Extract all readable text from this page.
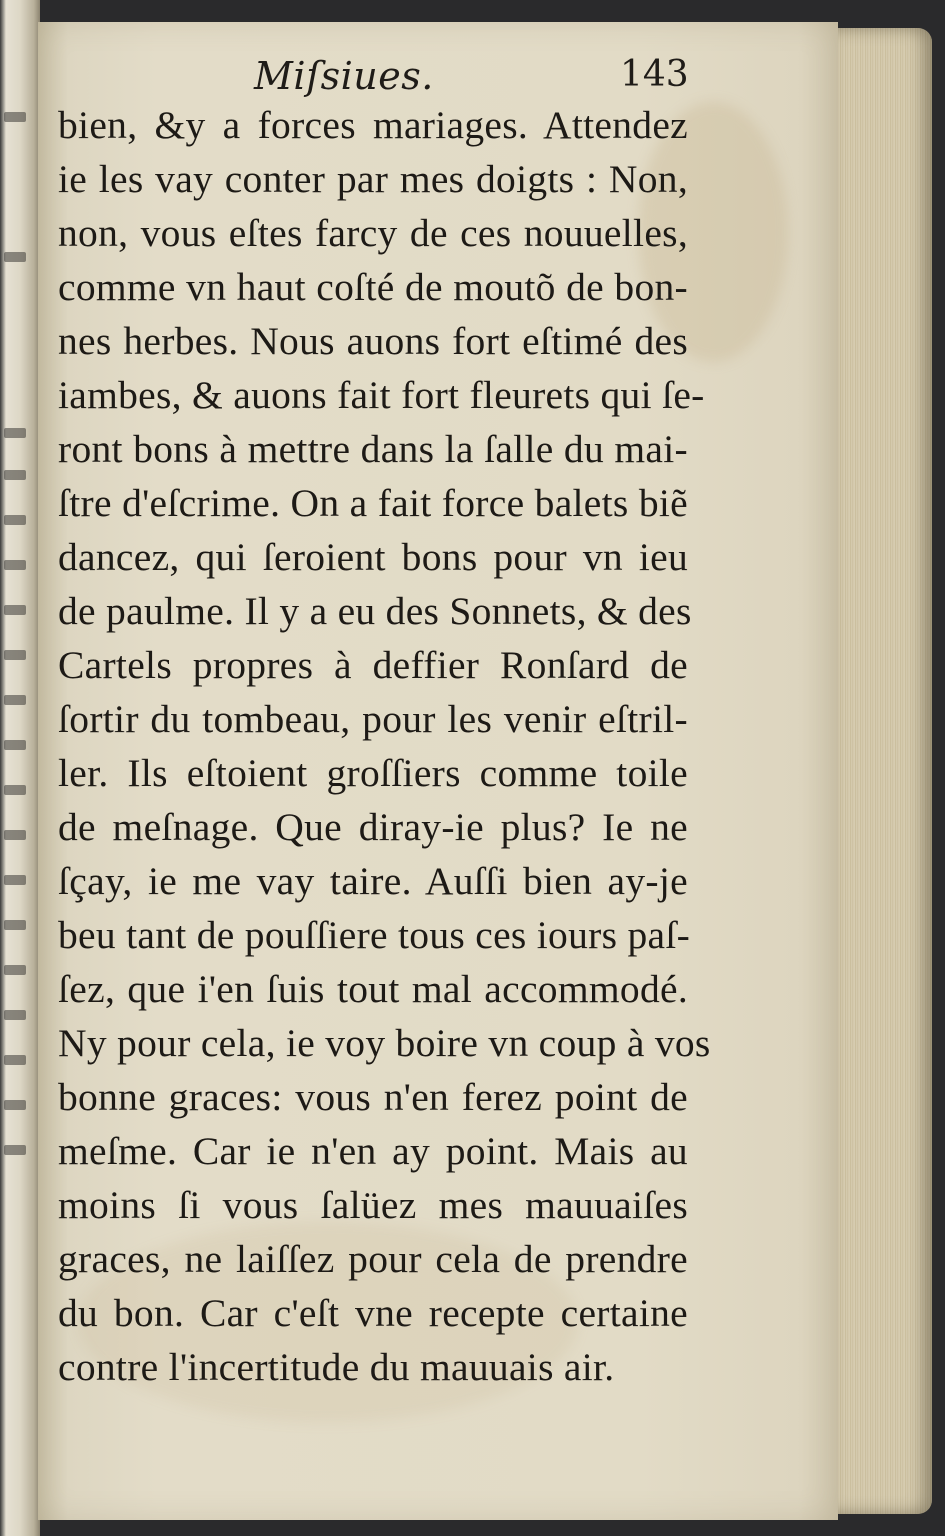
Miſsiues.	143
bien, &y a forces mariages. Attendez
ie les vay conter par mes doigts : Non,
non, vous eſtes farcy de ces nouuelles,
comme vn haut coſté de moutõ de bon-
nes herbes. Nous auons fort eſtimé des
iambes, & auons fait fort fleurets qui ſe-
ront bons à mettre dans la ſalle du mai-
ſtre d'eſcrime. On a fait force balets biẽ
dancez, qui ſeroient bons pour vn ieu
de paulme. Il y a eu des Sonnets, & des
Cartels propres à deffier Ronſard de
ſortir du tombeau, pour les venir eſtril-
ler. Ils eſtoient groſſiers comme toile
de meſnage. Que diray-ie plus? Ie ne
ſçay, ie me vay taire. Auſſi bien ay-je
beu tant de pouſſiere tous ces iours paſ-
ſez, que i'en ſuis tout mal accommodé.
Ny pour cela, ie voy boire vn coup à vos
bonne graces: vous n'en ferez point de
meſme. Car ie n'en ay point. Mais au
moins ſi vous ſalüez mes mauuaiſes
graces, ne laiſſez pour cela de prendre
du bon. Car c'eſt vne recepte certaine
contre l'incertitude du mauuais air.
